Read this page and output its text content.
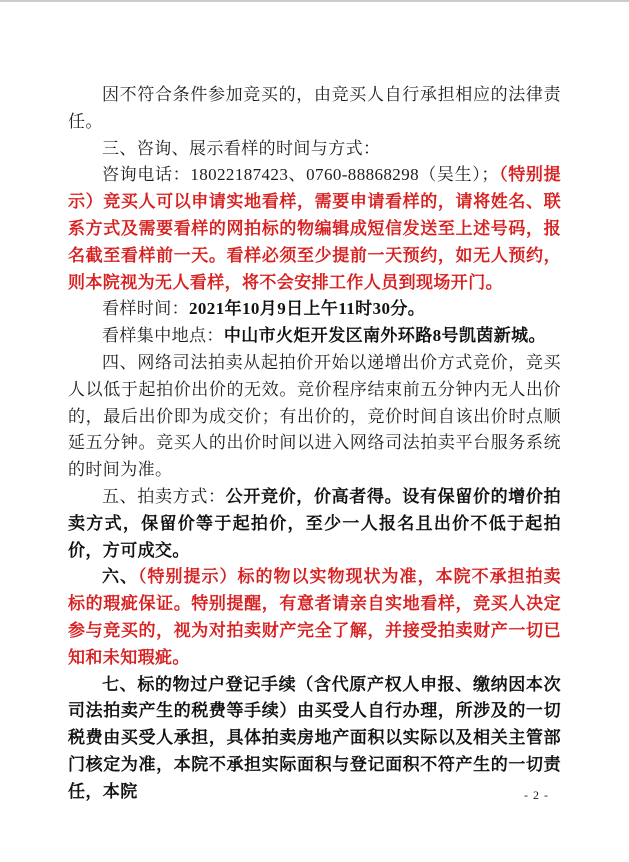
因不符合条件参加竞买的，由竞买人自行承担相应的法律责任。

三、咨询、展示看样的时间与方式：

咨询电话：18022187423、0760-88868298（吴生）；（特别提示）竞买人可以申请实地看样，需要申请看样的，请将姓名、联系方式及需要看样的网拍标的物编辑成短信发送至上述号码，报名截至看样前一天。看样必须至少提前一天预约，如无人预约，则本院视为无人看样，将不会安排工作人员到现场开门。

看样时间：2021年10月9日上午11时30分。

看样集中地点：中山市火炬开发区南外环路8号凯茵新城。

四、网络司法拍卖从起拍价开始以递增出价方式竞价，竞买人以低于起拍价出价的无效。竞价程序结束前五分钟内无人出价的，最后出价即为成交价；有出价的，竞价时间自该出价时点顺延五分钟。竞买人的出价时间以进入网络司法拍卖平台服务系统的时间为准。

五、拍卖方式：公开竞价，价高者得。设有保留价的增价拍卖方式，保留价等于起拍价，至少一人报名且出价不低于起拍价，方可成交。

六、（特别提示）标的物以实物现状为准，本院不承担拍卖标的瑕疵保证。特别提醒，有意者请亲自实地看样，竞买人决定参与竞买的，视为对拍卖财产完全了解，并接受拍卖财产一切已知和未知瑕疵。

七、标的物过户登记手续（含代原产权人申报、缴纳因本次司法拍卖产生的税费等手续）由买受人自行办理，所涉及的一切税费由买受人承担，具体拍卖房地产面积以实际以及相关主管部门核定为准，本院不承担实际面积与登记面积不符产生的一切责任，本院	- 2 -
